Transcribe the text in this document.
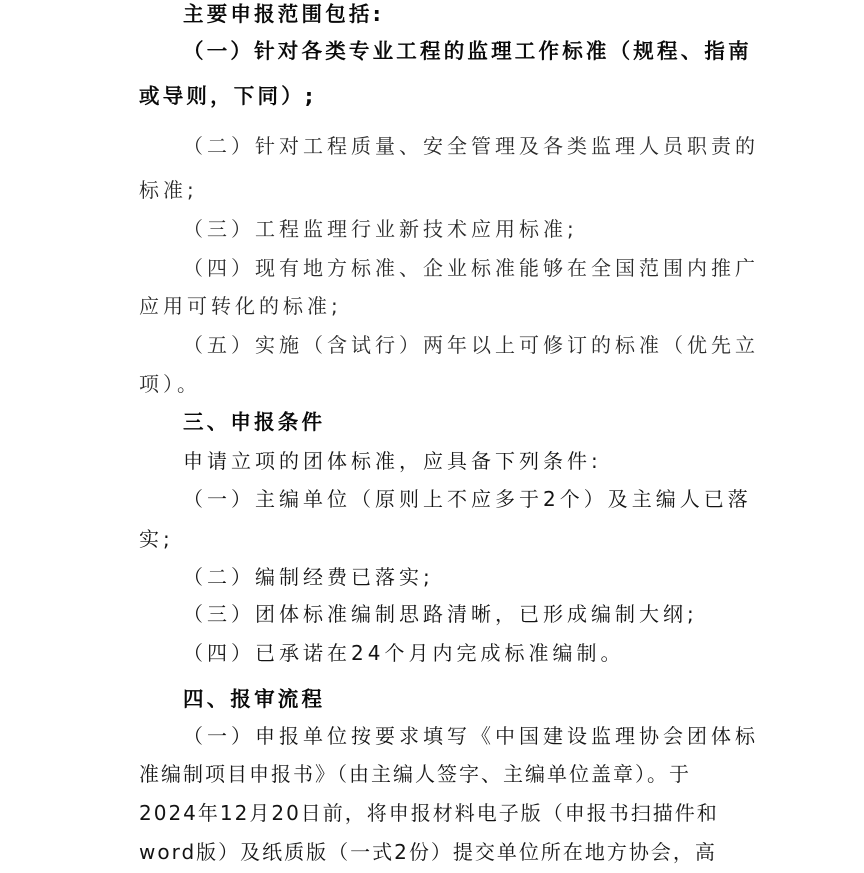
主要申报范围包括:
（一）针对各类专业工程的监理工作标准（规程、指南
或导则，下同）;
（二）针对工程质量、安全管理及各类监理人员职责的
标准;
（三）工程监理行业新技术应用标准;
（四）现有地方标准、企业标准能够在全国范围内推广
应用可转化的标准;
（五）实施（含试行）两年以上可修订的标准（优先立
项）。
三、申报条件
申请立项的团体标准，应具备下列条件:
（一）主编单位（原则上不应多于2个）及主编人已落
实;
（二）编制经费已落实;
（三）团体标准编制思路清晰，已形成编制大纲;
（四）已承诺在24个月内完成标准编制。
四、报审流程
（一）申报单位按要求填写《中国建设监理协会团体标
准编制项目申报书》（由主编人签字、主编单位盖章）。于
2024年12月20日前，将申报材料电子版（申报书扫描件和
word版）及纸质版（一式2份）提交单位所在地方协会，高
